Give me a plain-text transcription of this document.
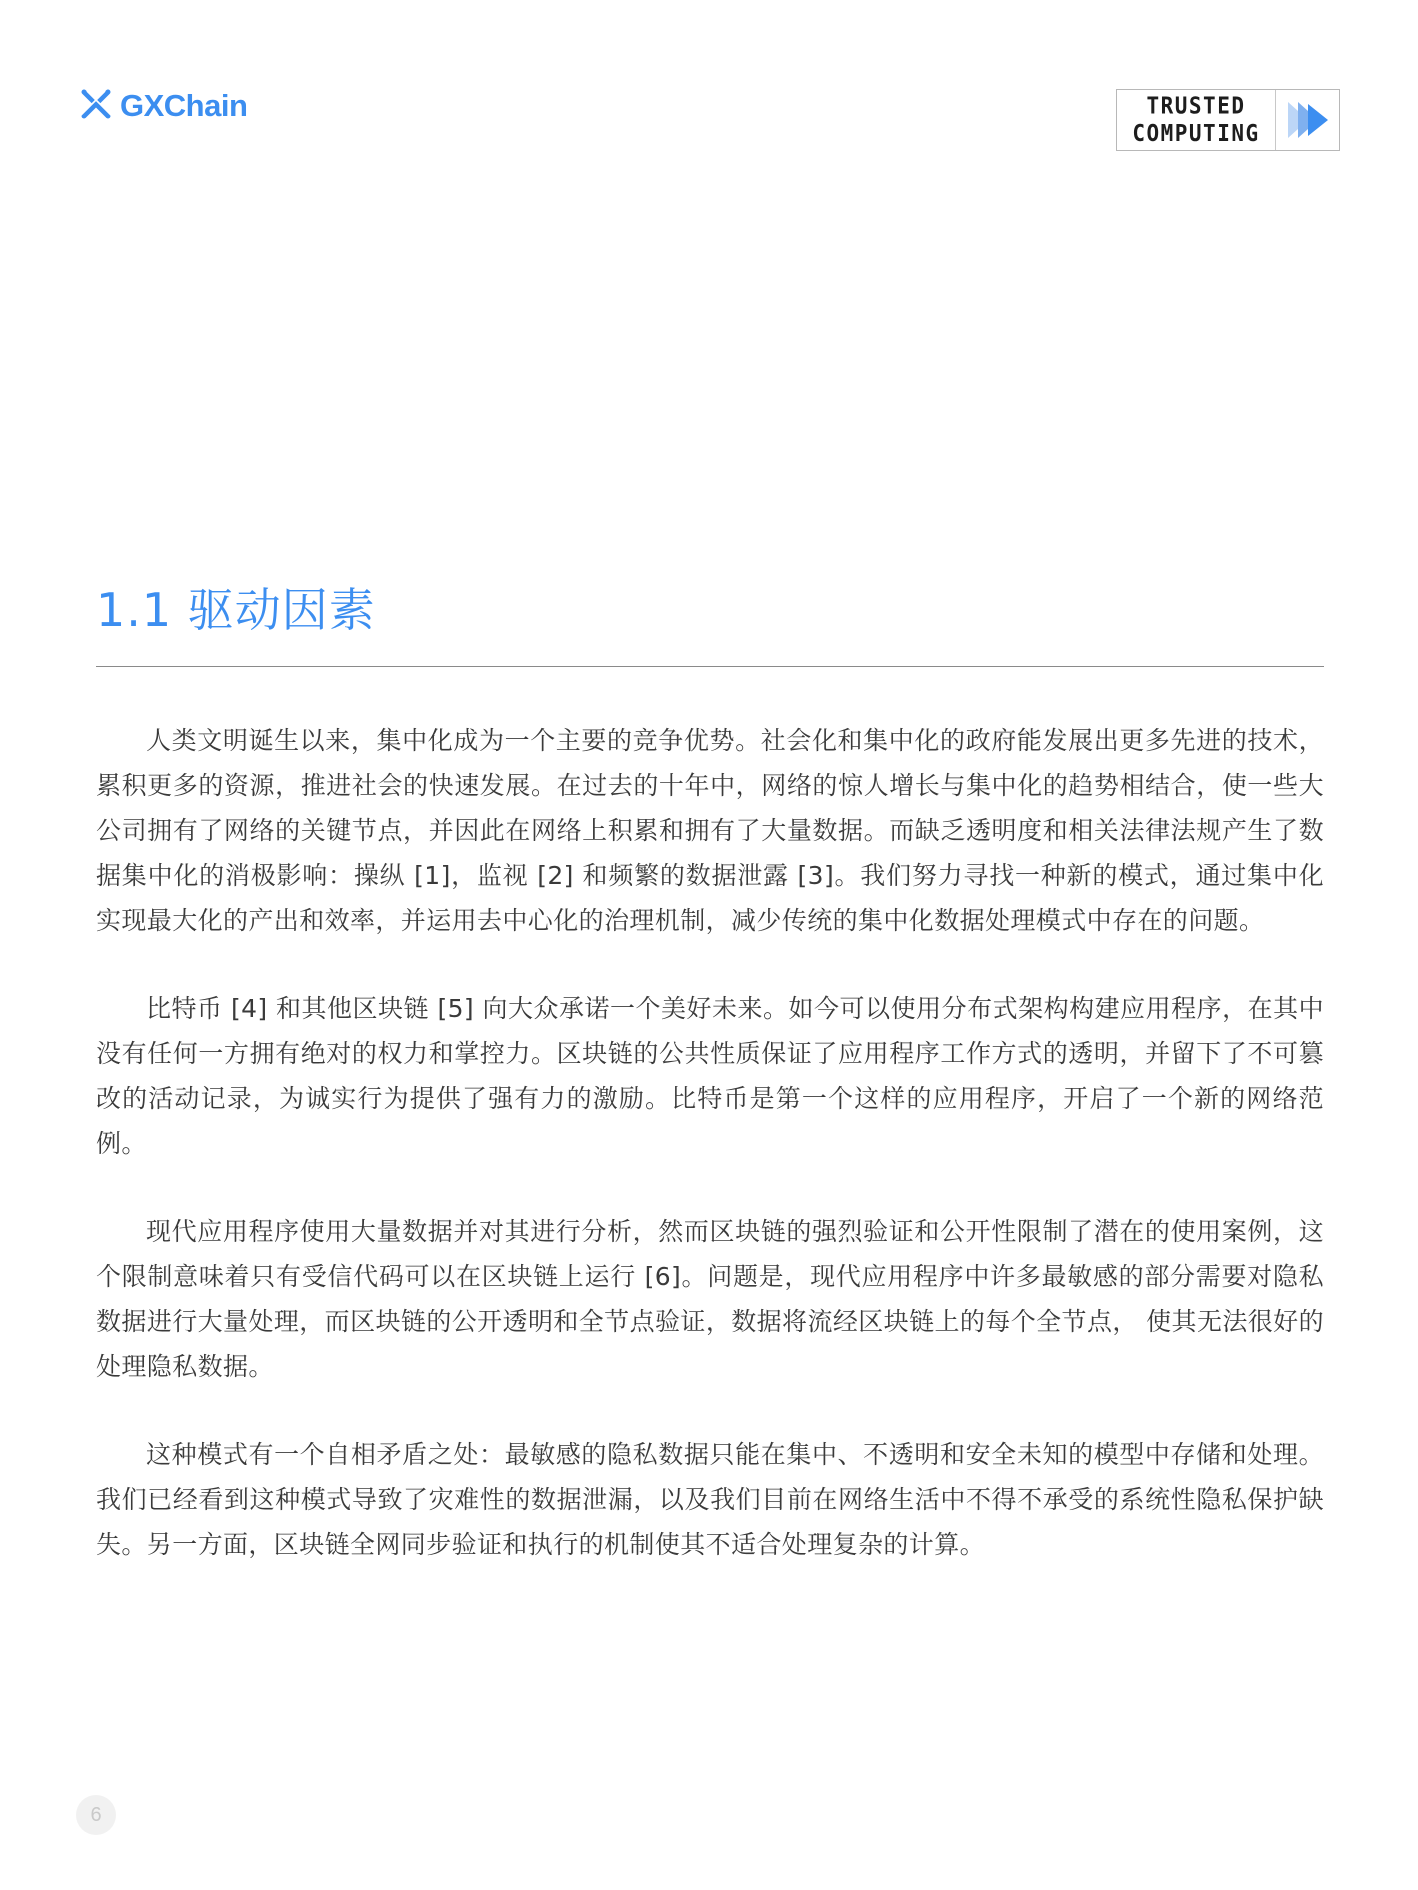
GXChain	TRUSTED
COMPUTING
1.1 驱动因素

人类文明诞生以来，集中化成为一个主要的竞争优势。社会化和集中化的政府能发展出更多先进的技术，累积更多的资源，推进社会的快速发展。在过去的十年中，网络的惊人增长与集中化的趋势相结合，使一些大公司拥有了网络的关键节点，并因此在网络上积累和拥有了大量数据。而缺乏透明度和相关法律法规产生了数据集中化的消极影响：操纵 [1]，监视 [2] 和频繁的数据泄露 [3]。我们努力寻找一种新的模式，通过集中化实现最大化的产出和效率，并运用去中心化的治理机制，减少传统的集中化数据处理模式中存在的问题。

比特币 [4] 和其他区块链 [5] 向大众承诺一个美好未来。如今可以使用分布式架构构建应用程序，在其中没有任何一方拥有绝对的权力和掌控力。区块链的公共性质保证了应用程序工作方式的透明，并留下了不可篡改的活动记录，为诚实行为提供了强有力的激励。比特币是第一个这样的应用程序，开启了一个新的网络范例。

现代应用程序使用大量数据并对其进行分析，然而区块链的强烈验证和公开性限制了潜在的使用案例，这个限制意味着只有受信代码可以在区块链上运行 [6]。问题是，现代应用程序中许多最敏感的部分需要对隐私数据进行大量处理，而区块链的公开透明和全节点验证，数据将流经区块链上的每个全节点， 使其无法很好的处理隐私数据。

这种模式有一个自相矛盾之处：最敏感的隐私数据只能在集中、不透明和安全未知的模型中存储和处理。我们已经看到这种模式导致了灾难性的数据泄漏，以及我们目前在网络生活中不得不承受的系统性隐私保护缺失。另一方面，区块链全网同步验证和执行的机制使其不适合处理复杂的计算。

6
